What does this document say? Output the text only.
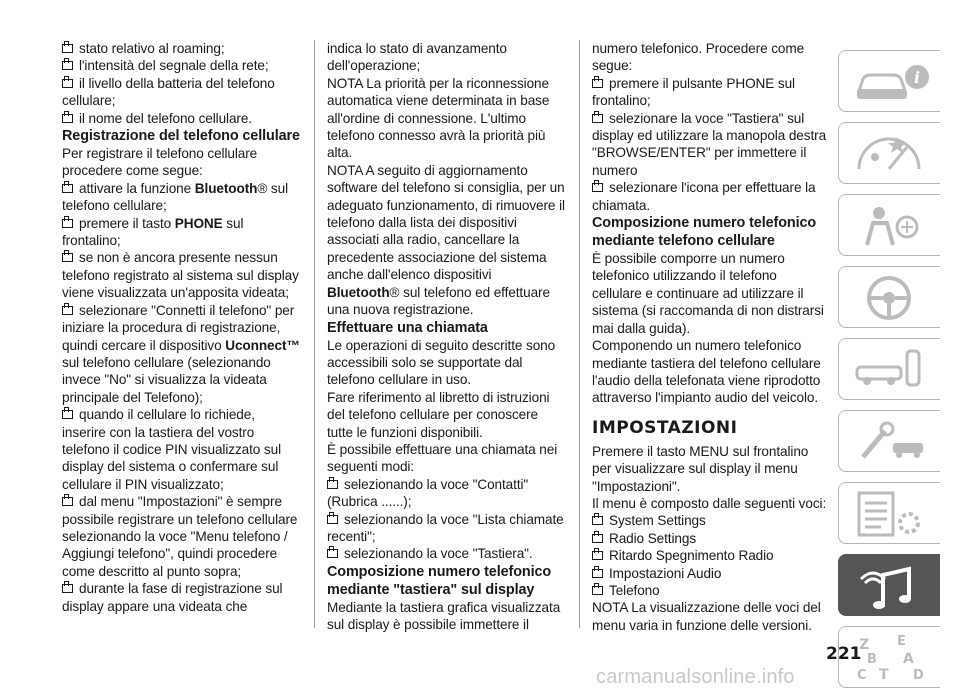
stato relativo al roaming;

l'intensità del segnale della rete;

il livello della batteria del telefono cellulare;

il nome del telefono cellulare.

Registrazione del telefono cellulare

Per registrare il telefono cellulare procedere come segue:

attivare la funzione Bluetooth® sul telefono cellulare;

premere il tasto PHONE sul frontalino;

se non è ancora presente nessun telefono registrato al sistema sul display viene visualizzata un'apposita videata;

selezionare "Connetti il telefono" per iniziare la procedura di registrazione, quindi cercare il dispositivo Uconnect™ sul telefono cellulare (selezionando invece "No" si visualizza la videata principale del Telefono);

quando il cellulare lo richiede, inserire con la tastiera del vostro telefono il codice PIN visualizzato sul display del sistema o confermare sul cellulare il PIN visualizzato;

dal menu "Impostazioni" è sempre possibile registrare un telefono cellulare selezionando la voce "Menu telefono / Aggiungi telefono", quindi procedere come descritto al punto sopra;

durante la fase di registrazione sul display appare una videata che

indica lo stato di avanzamento dell'operazione;

NOTA La priorità per la riconnessione automatica viene determinata in base all'ordine di connessione. L'ultimo telefono connesso avrà la priorità più alta.

NOTA A seguito di aggiornamento software del telefono si consiglia, per un adeguato funzionamento, di rimuovere il telefono dalla lista dei dispositivi associati alla radio, cancellare la precedente associazione del sistema anche dall'elenco dispositivi Bluetooth® sul telefono ed effettuare una nuova registrazione.

Effettuare una chiamata

Le operazioni di seguito descritte sono accessibili solo se supportate dal telefono cellulare in uso.

Fare riferimento al libretto di istruzioni del telefono cellulare per conoscere tutte le funzioni disponibili.

È possibile effettuare una chiamata nei seguenti modi:

selezionando la voce "Contatti" (Rubrica ......);

selezionando la voce "Lista chiamate recenti";

selezionando la voce "Tastiera".

Composizione numero telefonico mediante "tastiera" sul display

Mediante la tastiera grafica visualizzata sul display è possibile immettere il

numero telefonico. Procedere come segue:

premere il pulsante PHONE sul frontalino;

selezionare la voce "Tastiera" sul display ed utilizzare la manopola destra "BROWSE/ENTER" per immettere il numero

selezionare l'icona per effettuare la chiamata.

Composizione numero telefonico mediante telefono cellulare

È possibile comporre un numero telefonico utilizzando il telefono cellulare e continuare ad utilizzare il sistema (si raccomanda di non distrarsi mai dalla guida).

Componendo un numero telefonico mediante tastiera del telefono cellulare l'audio della telefonata viene riprodotto attraverso l'impianto audio del veicolo.

IMPOSTAZIONI

Premere il tasto MENU sul frontalino per visualizzare sul display il menu "Impostazioni".

Il menu è composto dalle seguenti voci:

System Settings

Radio Settings

Ritardo Spegnimento Radio

Impostazioni Audio

Telefono

NOTA La visualizzazione delle voci del menu varia in funzione delle versioni.

i
Z E
B A
C T D
221
carmanualsonline.info
